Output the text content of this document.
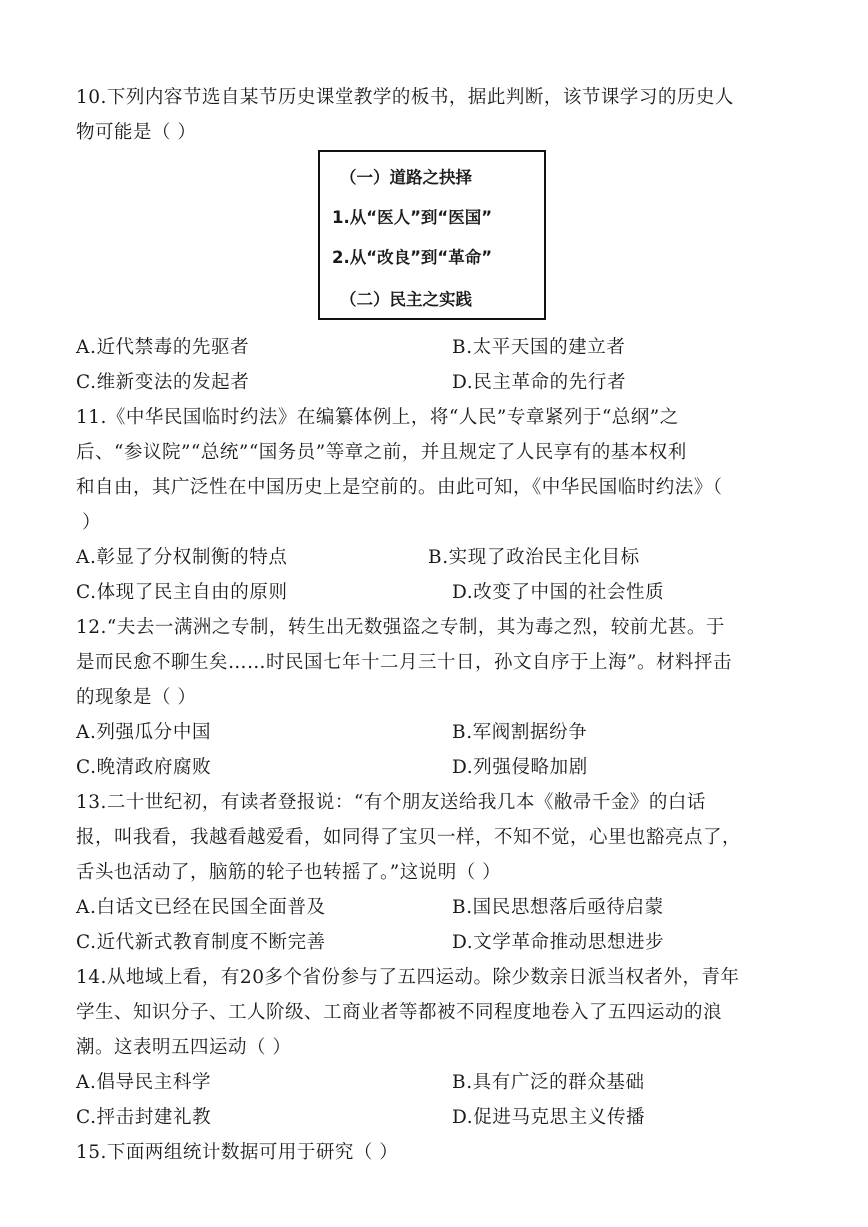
10.下列内容节选自某节历史课堂教学的板书，据此判断，该节课学习的历史人
物可能是（ ）
（一）道路之抉择
1.从“医人”到“医国”
2.从“改良”到“革命”
（二）民主之实践
A.近代禁毒的先驱者	B.太平天国的建立者
C.维新变法的发起者	D.民主革命的先行者
11.《中华民国临时约法》在编纂体例上，将“人民”专章紧列于“总纲”之
后、“参议院”“总统”“国务员”等章之前，并且规定了人民享有的基本权利
和自由，其广泛性在中国历史上是空前的。由此可知，《中华民国临时约法》（
）
A.彰显了分权制衡的特点	B.实现了政治民主化目标
C.体现了民主自由的原则	D.改变了中国的社会性质
12.“夫去一满洲之专制，转生出无数强盗之专制，其为毒之烈，较前尤甚。于
是而民愈不聊生矣……时民国七年十二月三十日，孙文自序于上海”。材料抨击
的现象是（ ）
A.列强瓜分中国	B.军阀割据纷争
C.晚清政府腐败	D.列强侵略加剧
13.二十世纪初，有读者登报说：“有个朋友送给我几本《敝帚千金》的白话
报，叫我看，我越看越爱看，如同得了宝贝一样，不知不觉，心里也豁亮点了，
舌头也活动了，脑筋的轮子也转摇了。”这说明（ ）
A.白话文已经在民国全面普及	B.国民思想落后亟待启蒙
C.近代新式教育制度不断完善	D.文学革命推动思想进步
14.从地域上看，有20多个省份参与了五四运动。除少数亲日派当权者外，青年
学生、知识分子、工人阶级、工商业者等都被不同程度地卷入了五四运动的浪
潮。这表明五四运动（ ）
A.倡导民主科学	B.具有广泛的群众基础
C.抨击封建礼教	D.促进马克思主义传播
15.下面两组统计数据可用于研究（ ）
